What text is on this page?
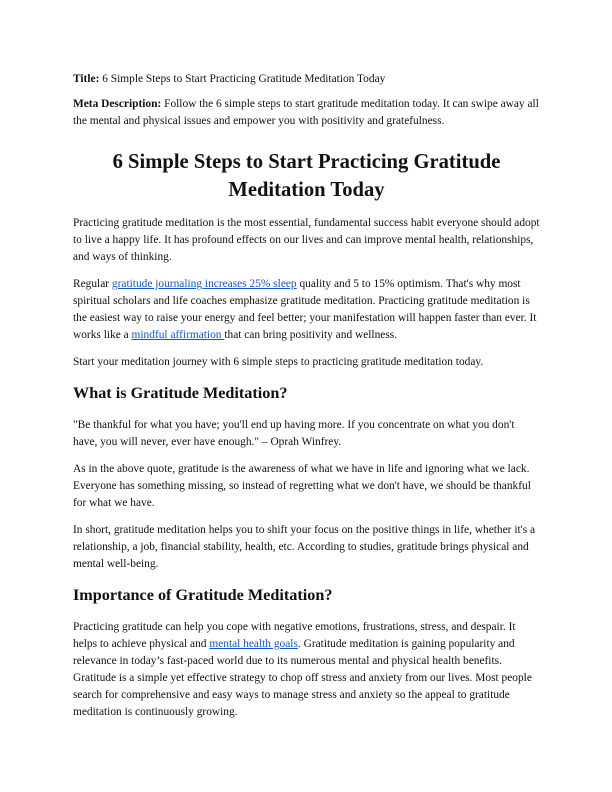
Title: 6 Simple Steps to Start Practicing Gratitude Meditation Today

Meta Description: Follow the 6 simple steps to start gratitude meditation today. It can swipe away all the mental and physical issues and empower you with positivity and gratefulness.

6 Simple Steps to Start Practicing Gratitude Meditation Today

Practicing gratitude meditation is the most essential, fundamental success habit everyone should adopt to live a happy life. It has profound effects on our lives and can improve mental health, relationships, and ways of thinking.

Regular gratitude journaling increases 25% sleep quality and 5 to 15% optimism. That's why most spiritual scholars and life coaches emphasize gratitude meditation. Practicing gratitude meditation is the easiest way to raise your energy and feel better; your manifestation will happen faster than ever. It works like a mindful affirmation that can bring positivity and wellness.

Start your meditation journey with 6 simple steps to practicing gratitude meditation today.

What is Gratitude Meditation?

"Be thankful for what you have; you'll end up having more. If you concentrate on what you don't have, you will never, ever have enough." – Oprah Winfrey.

As in the above quote, gratitude is the awareness of what we have in life and ignoring what we lack. Everyone has something missing, so instead of regretting what we don't have, we should be thankful for what we have.

In short, gratitude meditation helps you to shift your focus on the positive things in life, whether it's a relationship, a job, financial stability, health, etc. According to studies, gratitude brings physical and mental well-being.

Importance of Gratitude Meditation?

Practicing gratitude can help you cope with negative emotions, frustrations, stress, and despair. It helps to achieve physical and mental health goals. Gratitude meditation is gaining popularity and relevance in today’s fast-paced world due to its numerous mental and physical health benefits. Gratitude is a simple yet effective strategy to chop off stress and anxiety from our lives. Most people search for comprehensive and easy ways to manage stress and anxiety so the appeal to gratitude meditation is continuously growing.
